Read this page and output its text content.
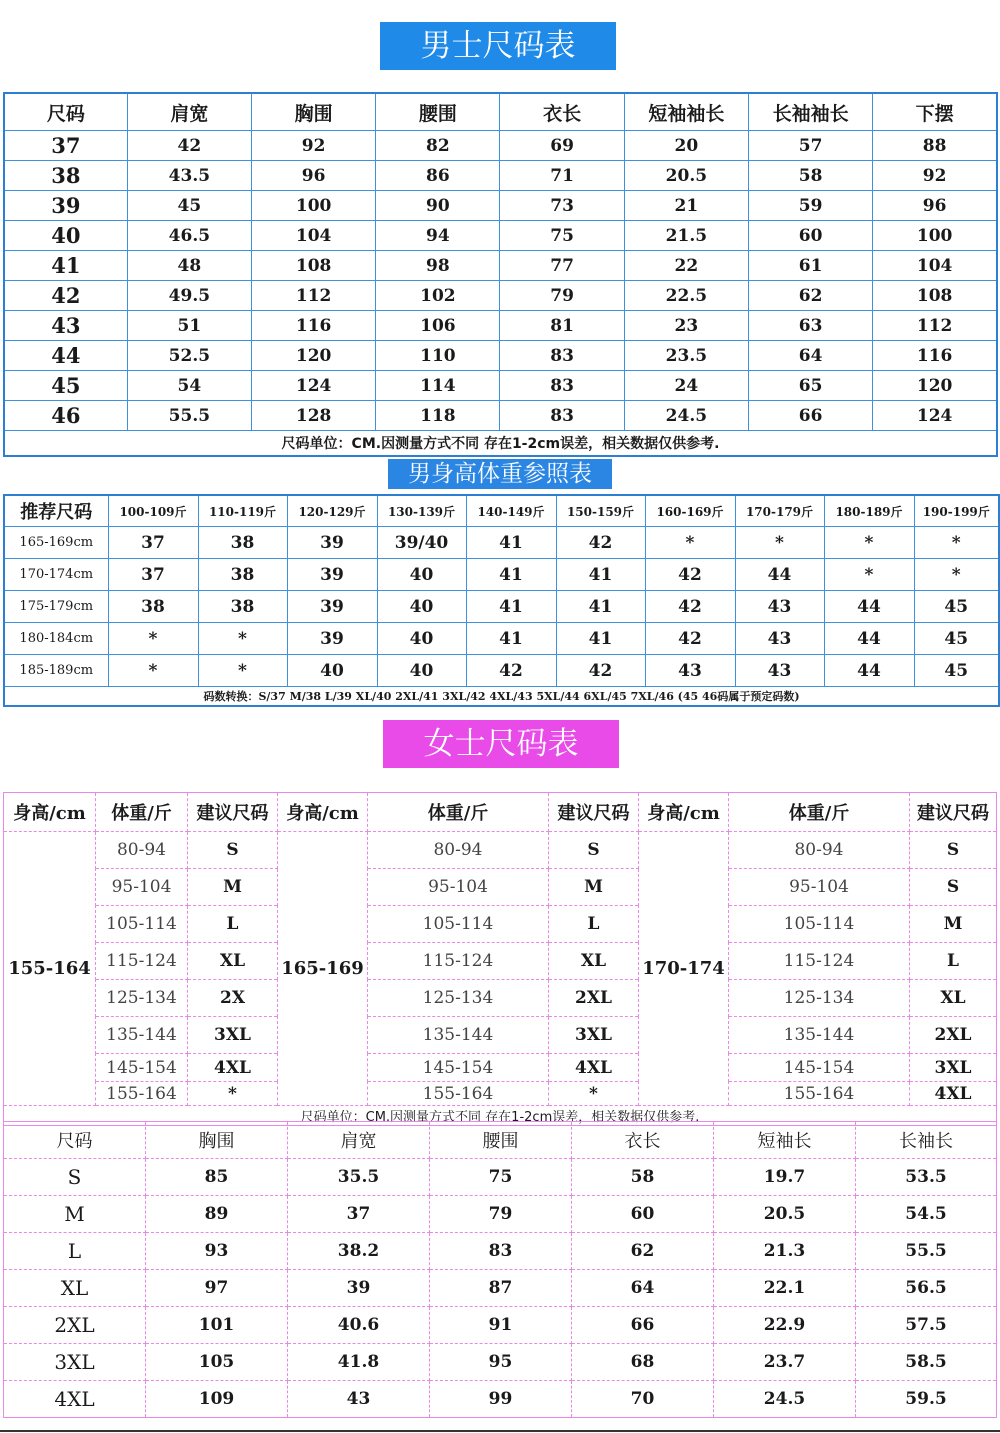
男士尺码表
尺码	肩宽	胸围	腰围	衣长	短袖袖长	长袖袖长	下摆
37	42	92	82	69	20	57	88
38	43.5	96	86	71	20.5	58	92
39	45	100	90	73	21	59	96
40	46.5	104	94	75	21.5	60	100
41	48	108	98	77	22	61	104
42	49.5	112	102	79	22.5	62	108
43	51	116	106	81	23	63	112
44	52.5	120	110	83	23.5	64	116
45	54	124	114	83	24	65	120
46	55.5	128	118	83	24.5	66	124
尺码单位：CM.因测量方式不同 存在1-2cm误差，相关数据仅供参考.							
男身高体重参照表
推荐尺码	100-109斤	110-119斤	120-129斤	130-139斤	140-149斤	150-159斤	160-169斤	170-179斤	180-189斤	190-199斤
165-169cm	37	38	39	39/40	41	42	*	*	*	*
170-174cm	37	38	39	40	41	41	42	44	*	*
175-179cm	38	38	39	40	41	41	42	43	44	45
180-184cm	*	*	39	40	41	41	42	43	44	45
185-189cm	*	*	40	40	42	42	43	43	44	45
码数转换：S/37 M/38 L/39 XL/40 2XL/41 3XL/42 4XL/43 5XL/44 6XL/45 7XL/46 (45 46码属于预定码数)										
女士尺码表
身高/cm	体重/斤	建议尺码	身高/cm	体重/斤	建议尺码	身高/cm	体重/斤	建议尺码
155-164	80-94	S	165-169	80-94	S	170-174	80-94	S
	95-104	M		95-104	M		95-104	S
	105-114	L		105-114	L		105-114	M
	115-124	XL		115-124	XL		115-124	L
	125-134	2X		125-134	2XL		125-134	XL
	135-144	3XL		135-144	3XL		135-144	2XL
	145-154	4XL		145-154	4XL		145-154	3XL
	155-164	*		155-164	*		155-164	4XL
尺码单位：CM.因测量方式不同 存在1-2cm误差，相关数据仅供参考.								
尺码	胸围	肩宽	腰围	衣长	短袖长	长袖长
S	85	35.5	75	58	19.7	53.5
M	89	37	79	60	20.5	54.5
L	93	38.2	83	62	21.3	55.5
XL	97	39	87	64	22.1	56.5
2XL	101	40.6	91	66	22.9	57.5
3XL	105	41.8	95	68	23.7	58.5
4XL	109	43	99	70	24.5	59.5
